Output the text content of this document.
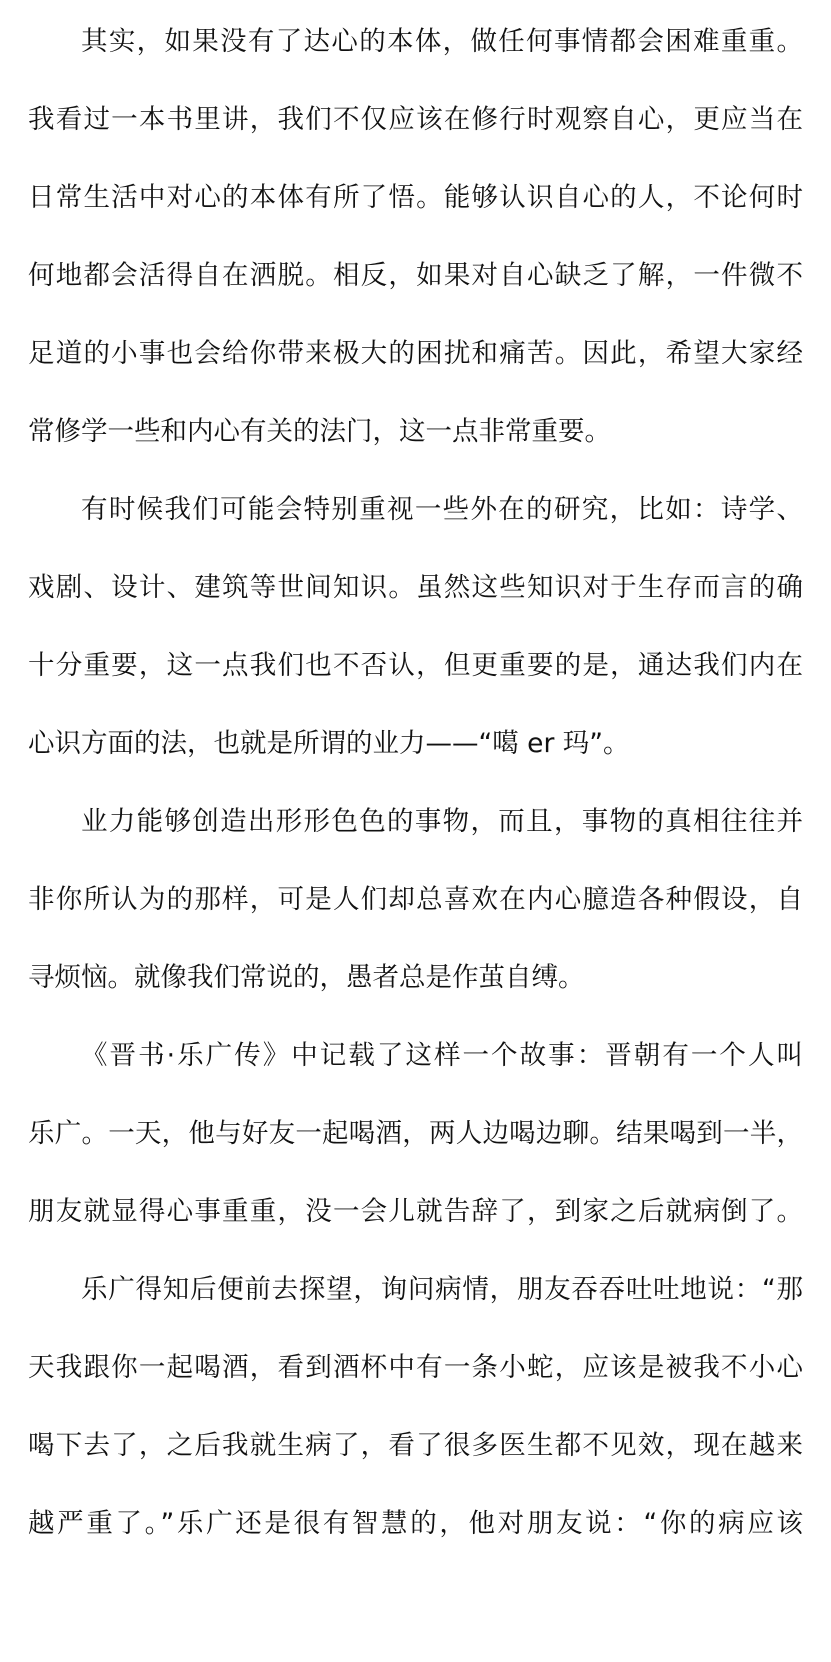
其实，如果没有了达心的本体，做任何事情都会困难重重。
我看过一本书里讲，我们不仅应该在修行时观察自心，更应当在
日常生活中对心的本体有所了悟。能够认识自心的人，不论何时
何地都会活得自在洒脱。相反，如果对自心缺乏了解，一件微不
足道的小事也会给你带来极大的困扰和痛苦。因此，希望大家经
常修学一些和内心有关的法门，这一点非常重要。
有时候我们可能会特别重视一些外在的研究，比如：诗学、
戏剧、设计、建筑等世间知识。虽然这些知识对于生存而言的确
十分重要，这一点我们也不否认，但更重要的是，通达我们内在
心识方面的法，也就是所谓的业力——“噶 er 玛”。
业力能够创造出形形色色的事物，而且，事物的真相往往并
非你所认为的那样，可是人们却总喜欢在内心臆造各种假设，自
寻烦恼。就像我们常说的，愚者总是作茧自缚。
《晋书·乐广传》中记载了这样一个故事：晋朝有一个人叫
乐广。一天，他与好友一起喝酒，两人边喝边聊。结果喝到一半，
朋友就显得心事重重，没一会儿就告辞了，到家之后就病倒了。
乐广得知后便前去探望，询问病情，朋友吞吞吐吐地说：“那
天我跟你一起喝酒，看到酒杯中有一条小蛇，应该是被我不小心
喝下去了，之后我就生病了，看了很多医生都不见效，现在越来
越严重了。”乐广还是很有智慧的，他对朋友说：“你的病应该
